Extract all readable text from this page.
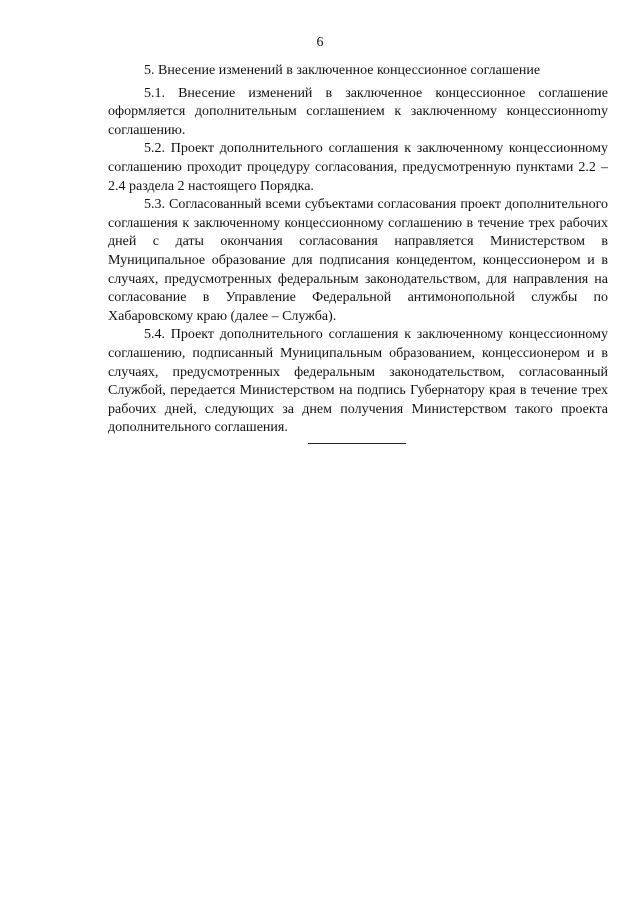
6
5. Внесение изменений в заключенное концессионное соглашение

5.1. Внесение изменений в заключенное концессионное соглашение оформляется дополнительным соглашением к заключенному концессионноmу соглашению.

5.2. Проект дополнительного соглашения к заключенному концессионному соглашению проходит процедуру согласования, предусмотренную пунктами 2.2 – 2.4 раздела 2 настоящего Порядка.

5.3. Согласованный всеми субъектами согласования проект дополнительного соглашения к заключенному концессионному соглашению в течение трех рабочих дней с даты окончания согласования направляется Министерством в Муниципальное образование для подписания концедентом, концессионером и в случаях, предусмотренных федеральным законодательством, для направления на согласование в Управление Федеральной антимонопольной службы по Хабаровскому краю (далее – Служба).

5.4. Проект дополнительного соглашения к заключенному концессионному соглашению, подписанный Муниципальным образованием, концессионером и в случаях, предусмотренных федеральным законодательством, согласованный Службой, передается Министерством на подпись Губернатору края в течение трех рабочих дней, следующих за днем получения Министерством такого проекта дополнительного соглашения.
